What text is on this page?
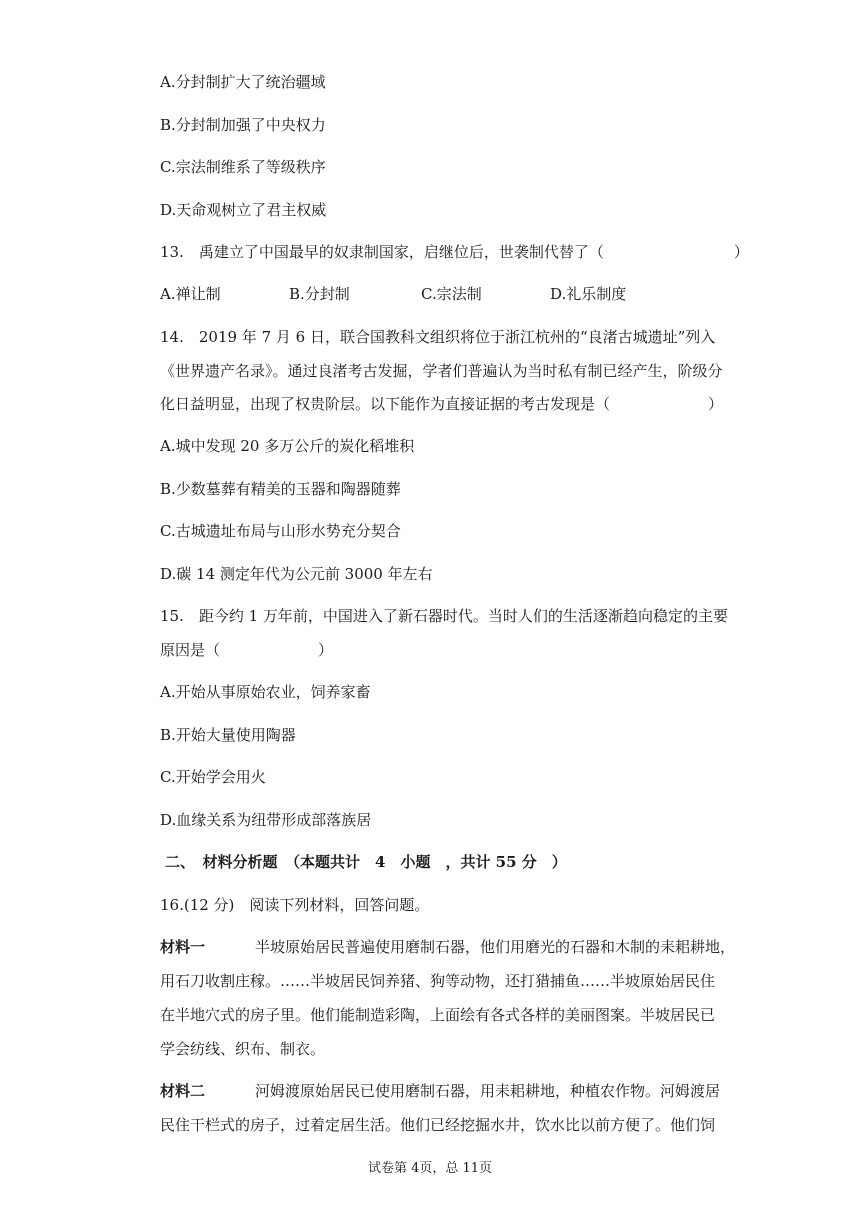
A.分封制扩大了统治疆域
B.分封制加强了中央权力
C.宗法制维系了等级秩序
D.天命观树立了君主权威
13.　禹建立了中国最早的奴隶制国家，启继位后，世袭制代替了（	）
A.禅让制	B.分封制	C.宗法制	D.礼乐制度
14.　2019 年 7 月 6 日，联合国教科文组织将位于浙江杭州的“良渚古城遗址”列入
《世界遗产名录》。通过良渚考古发掘，学者们普遍认为当时私有制已经产生，阶级分
化日益明显，出现了权贵阶层。以下能作为直接证据的考古发现是（	）
A.城中发现 20 多万公斤的炭化稻堆积
B.少数墓葬有精美的玉器和陶器随葬
C.古城遗址布局与山形水势充分契合
D.碳 14 测定年代为公元前 3000 年左右
15.　距今约 1 万年前，中国进入了新石器时代。当时人们的生活逐渐趋向稳定的主要
原因是（	）
A.开始从事原始农业，饲养家畜
B.开始大量使用陶器
C.开始学会用火
D.血缘关系为纽带形成部落族居
二、　材料分析题　（本题共计　4　小题　，共计 55 分　）
16.(12 分)　阅读下列材料，回答问题。
材料一	半坡原始居民普遍使用磨制石器，他们用磨光的石器和木制的耒耜耕地，
用石刀收割庄稼。……半坡居民饲养猪、狗等动物，还打猎捕鱼……半坡原始居民住
在半地穴式的房子里。他们能制造彩陶，上面绘有各式各样的美丽图案。半坡居民已
学会纺线、织布、制衣。
材料二	河姆渡原始居民已使用磨制石器，用耒耜耕地，种植农作物。河姆渡居
民住干栏式的房子，过着定居生活。他们已经挖掘水井，饮水比以前方便了。他们饲
试卷第 4页，总 11页
